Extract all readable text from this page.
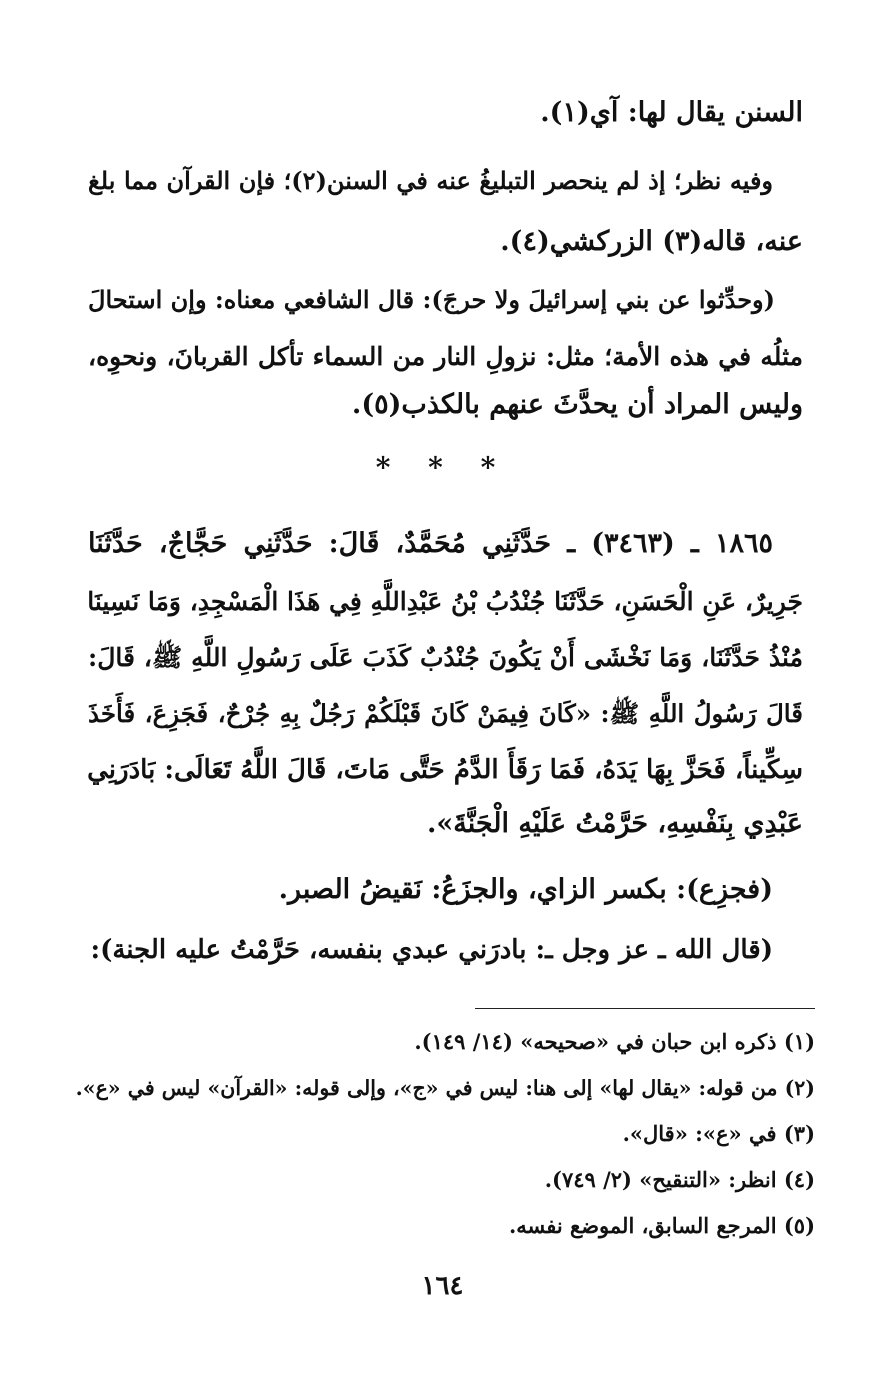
السنن يقال لها: آي(١).
وفيه نظر؛ إذ لم ينحصر التبليغُ عنه في السنن(٢)؛ فإن القرآن مما بلغ
عنه، قاله(٣) الزركشي(٤).
(وحدِّثوا عن بني إسرائيلَ ولا حرجَ): قال الشافعي معناه: وإن استحالَ
مثلُه في هذه الأمة؛ مثل: نزولِ النار من السماء تأكل القربانَ، ونحوِه،
وليس المراد أن يحدَّثَ عنهم بالكذب(٥).
* * *
١٨٦٥ ـ (٣٤٦٣) ـ حَدَّثَنِي مُحَمَّدٌ، قَالَ: حَدَّثَنِي حَجَّاجٌ، حَدَّثَنَا
جَرِيرٌ، عَنِ الْحَسَنِ، حَدَّثَنَا جُنْدُبُ بْنُ عَبْدِاللَّهِ فِي هَذَا الْمَسْجِدِ، وَمَا نَسِينَا
مُنْذُ حَدَّثَنَا، وَمَا نَخْشَى أَنْ يَكُونَ جُنْدُبٌ كَذَبَ عَلَى رَسُولِ اللَّهِ ﷺ، قَالَ:
قَالَ رَسُولُ اللَّهِ ﷺ: «كَانَ فِيمَنْ كَانَ قَبْلَكُمْ رَجُلٌ بِهِ جُرْحٌ، فَجَزِعَ، فَأَخَذَ
سِكِّيناً، فَحَزَّ بِهَا يَدَهُ، فَمَا رَقَأَ الدَّمُ حَتَّى مَاتَ، قَالَ اللَّهُ تَعَالَى: بَادَرَنِي
عَبْدِي بِنَفْسِهِ، حَرَّمْتُ عَلَيْهِ الْجَنَّةَ».
(فجزِع): بكسر الزاي، والجزَعُ: نَقيضُ الصبر.
(قال الله ـ عز وجل ـ: بادرَني عبدي بنفسه، حَرَّمْتُ عليه الجنة):
(١) ذكره ابن حبان في «صحيحه» (١٤/ ١٤٩).
(٢) من قوله: «يقال لها» إلى هنا: ليس في «ج»، وإلى قوله: «القرآن» ليس في «ع».
(٣) في «ع»: «قال».
(٤) انظر: «التنقيح» (٢/ ٧٤٩).
(٥) المرجع السابق، الموضع نفسه.
١٦٤
